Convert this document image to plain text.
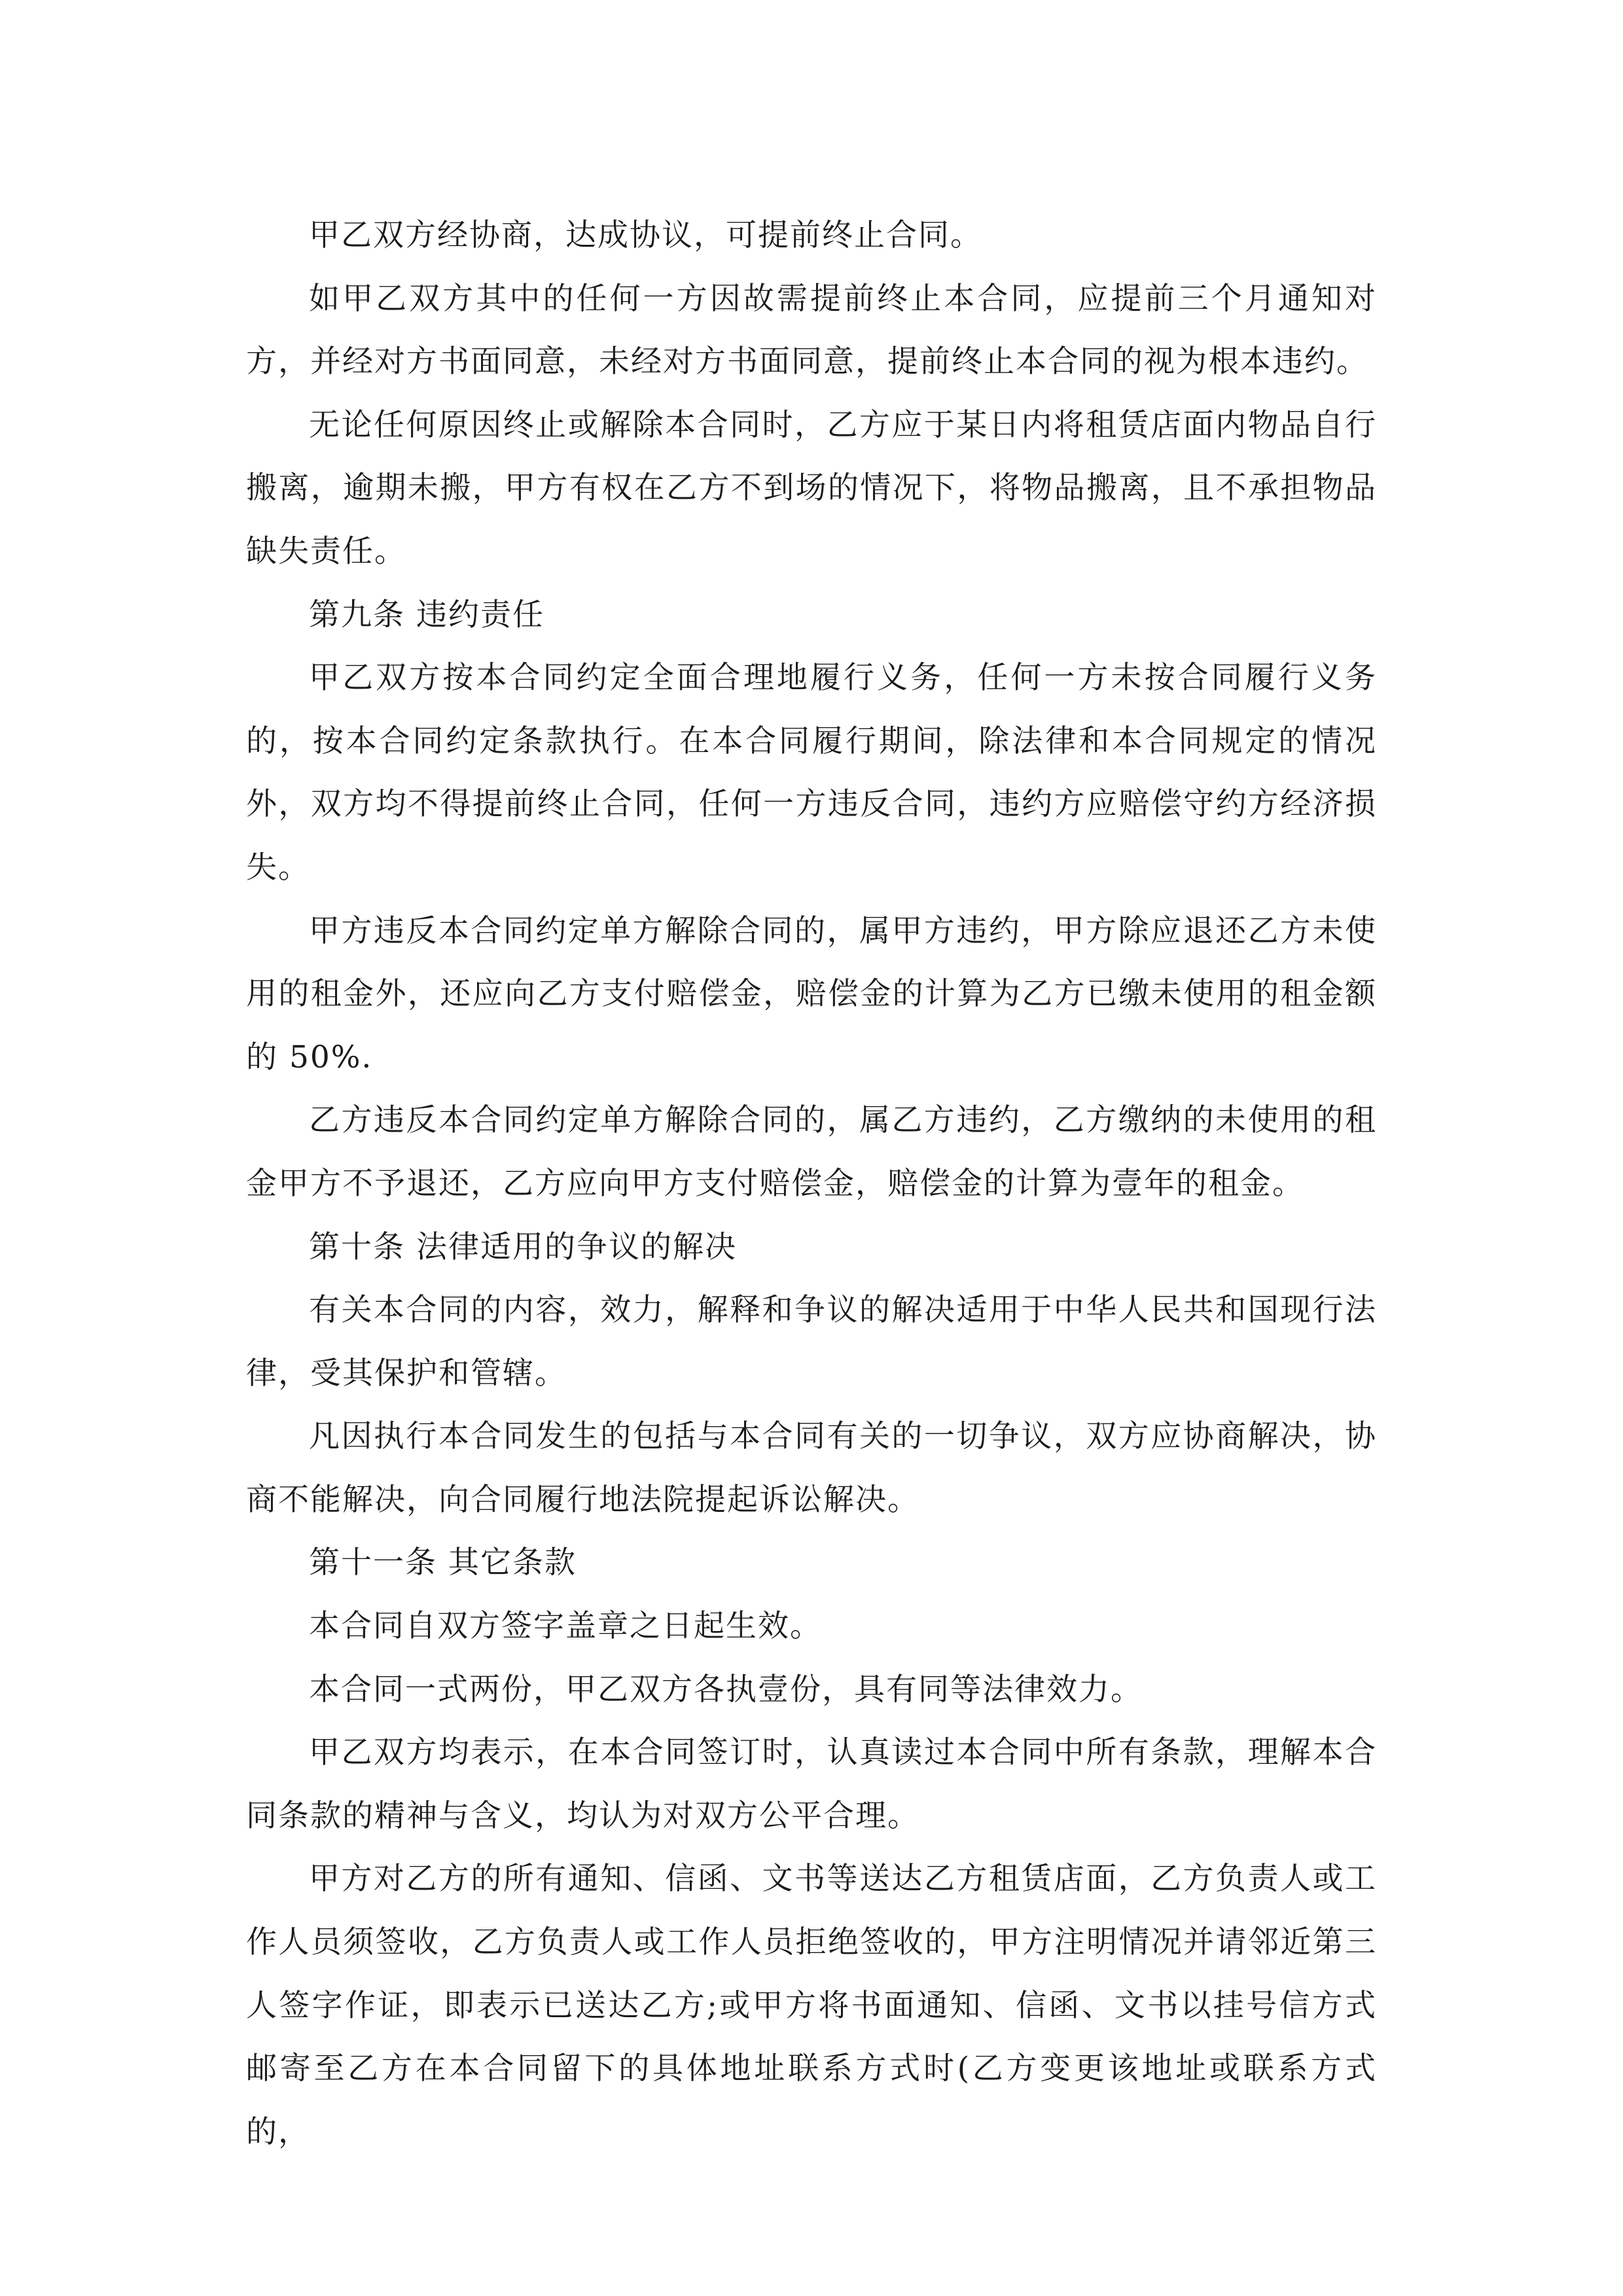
甲乙双方经协商，达成协议，可提前终止合同。

如甲乙双方其中的任何一方因故需提前终止本合同，应提前三个月通知对方，并经对方书面同意，未经对方书面同意，提前终止本合同的视为根本违约。

无论任何原因终止或解除本合同时，乙方应于某日内将租赁店面内物品自行搬离，逾期未搬，甲方有权在乙方不到场的情况下，将物品搬离，且不承担物品缺失责任。

第九条 违约责任

甲乙双方按本合同约定全面合理地履行义务，任何一方未按合同履行义务的，按本合同约定条款执行。在本合同履行期间，除法律和本合同规定的情况外，双方均不得提前终止合同，任何一方违反合同，违约方应赔偿守约方经济损失。

甲方违反本合同约定单方解除合同的，属甲方违约，甲方除应退还乙方未使用的租金外，还应向乙方支付赔偿金，赔偿金的计算为乙方已缴未使用的租金额的 50%.

乙方违反本合同约定单方解除合同的，属乙方违约，乙方缴纳的未使用的租金甲方不予退还，乙方应向甲方支付赔偿金，赔偿金的计算为壹年的租金。

第十条 法律适用的争议的解决

有关本合同的内容，效力，解释和争议的解决适用于中华人民共和国现行法律，受其保护和管辖。

凡因执行本合同发生的包括与本合同有关的一切争议，双方应协商解决，协商不能解决，向合同履行地法院提起诉讼解决。

第十一条 其它条款

本合同自双方签字盖章之日起生效。

本合同一式两份，甲乙双方各执壹份，具有同等法律效力。

甲乙双方均表示，在本合同签订时，认真读过本合同中所有条款，理解本合同条款的精神与含义，均认为对双方公平合理。

甲方对乙方的所有通知、信函、文书等送达乙方租赁店面，乙方负责人或工作人员须签收，乙方负责人或工作人员拒绝签收的，甲方注明情况并请邻近第三人签字作证，即表示已送达乙方;或甲方将书面通知、信函、文书以挂号信方式邮寄至乙方在本合同留下的具体地址联系方式时(乙方变更该地址或联系方式的，
